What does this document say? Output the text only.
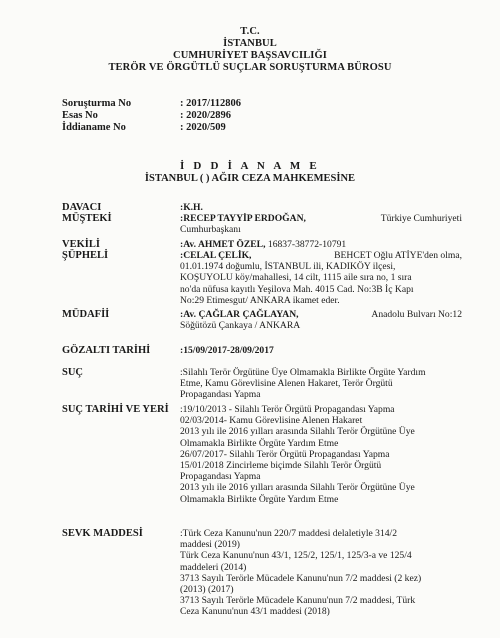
T.C.
İSTANBUL
CUMHURİYET BAŞSAVCILIĞI
TERÖR VE ÖRGÜTLÜ SUÇLAR SORUŞTURMA BÜROSU
Soruşturma No	: 2017/112806
Esas No	: 2020/2896
İddianame No	: 2020/509
İ D D İ A N A M E
İSTANBUL ( ) AĞIR CEZA MAHKEMESİNE
DAVACI	:K.H.
MÜŞTEKİ	:RECEP TAYYİP ERDOĞAN,	Türkiye Cumhuriyeti
Cumhurbaşkanı
VEKİLİ	:Av. AHMET ÖZEL, 16837-38772-10791
ŞÜPHELİ	:CELAL ÇELİK,	BEHCET Oğlu ATİYE'den olma,
01.01.1974 doğumlu, İSTANBUL ili, KADIKÖY ilçesi,
KOŞUYOLU köy/mahallesi, 14 cilt, 1115 aile sıra no, 1 sıra
no'da nüfusa kayıtlı Yeşilova Mah. 4015 Cad. No:3B İç Kapı
No:29 Etimesgut/ ANKARA ikamet eder.
MÜDAFİİ	:Av. ÇAĞLAR ÇAĞLAYAN,	Anadolu Bulvarı No:12
Söğütözü Çankaya / ANKARA
GÖZALTI TARİHİ	:15/09/2017-28/09/2017
SUÇ	:Silahlı Terör Örgütüne Üye Olmamakla Birlikte Örgüte Yardım
Etme, Kamu Görevlisine Alenen Hakaret, Terör Örgütü
Propagandası Yapma
SUÇ TARİHİ VE YERİ :19/10/2013 - Silahlı Terör Örgütü Propagandası Yapma
02/03/2014- Kamu Görevlisine Alenen Hakaret
2013 yılı ile 2016 yılları arasında Silahlı Terör Örgütüne Üye
Olmamakla Birlikte Örgüte Yardım Etme
26/07/2017- Silahlı Terör Örgütü Propagandası Yapma
15/01/2018 Zincirleme biçimde Silahlı Terör Örgütü
Propagandası Yapma
2013 yılı ile 2016 yılları arasında Silahlı Terör Örgütüne Üye
Olmamakla Birlikte Örgüte Yardım Etme
SEVK MADDESİ	:Türk Ceza Kanunu'nun 220/7 maddesi delaletiyle 314/2
maddesi (2019)
Türk Ceza Kanunu'nun 43/1, 125/2, 125/1, 125/3-a ve 125/4
maddeleri (2014)
3713 Sayılı Terörle Mücadele Kanunu'nun 7/2 maddesi (2 kez)
(2013) (2017)
3713 Sayılı Terörle Mücadele Kanunu'nun 7/2 maddesi, Türk
Ceza Kanunu'nun 43/1 maddesi (2018)
